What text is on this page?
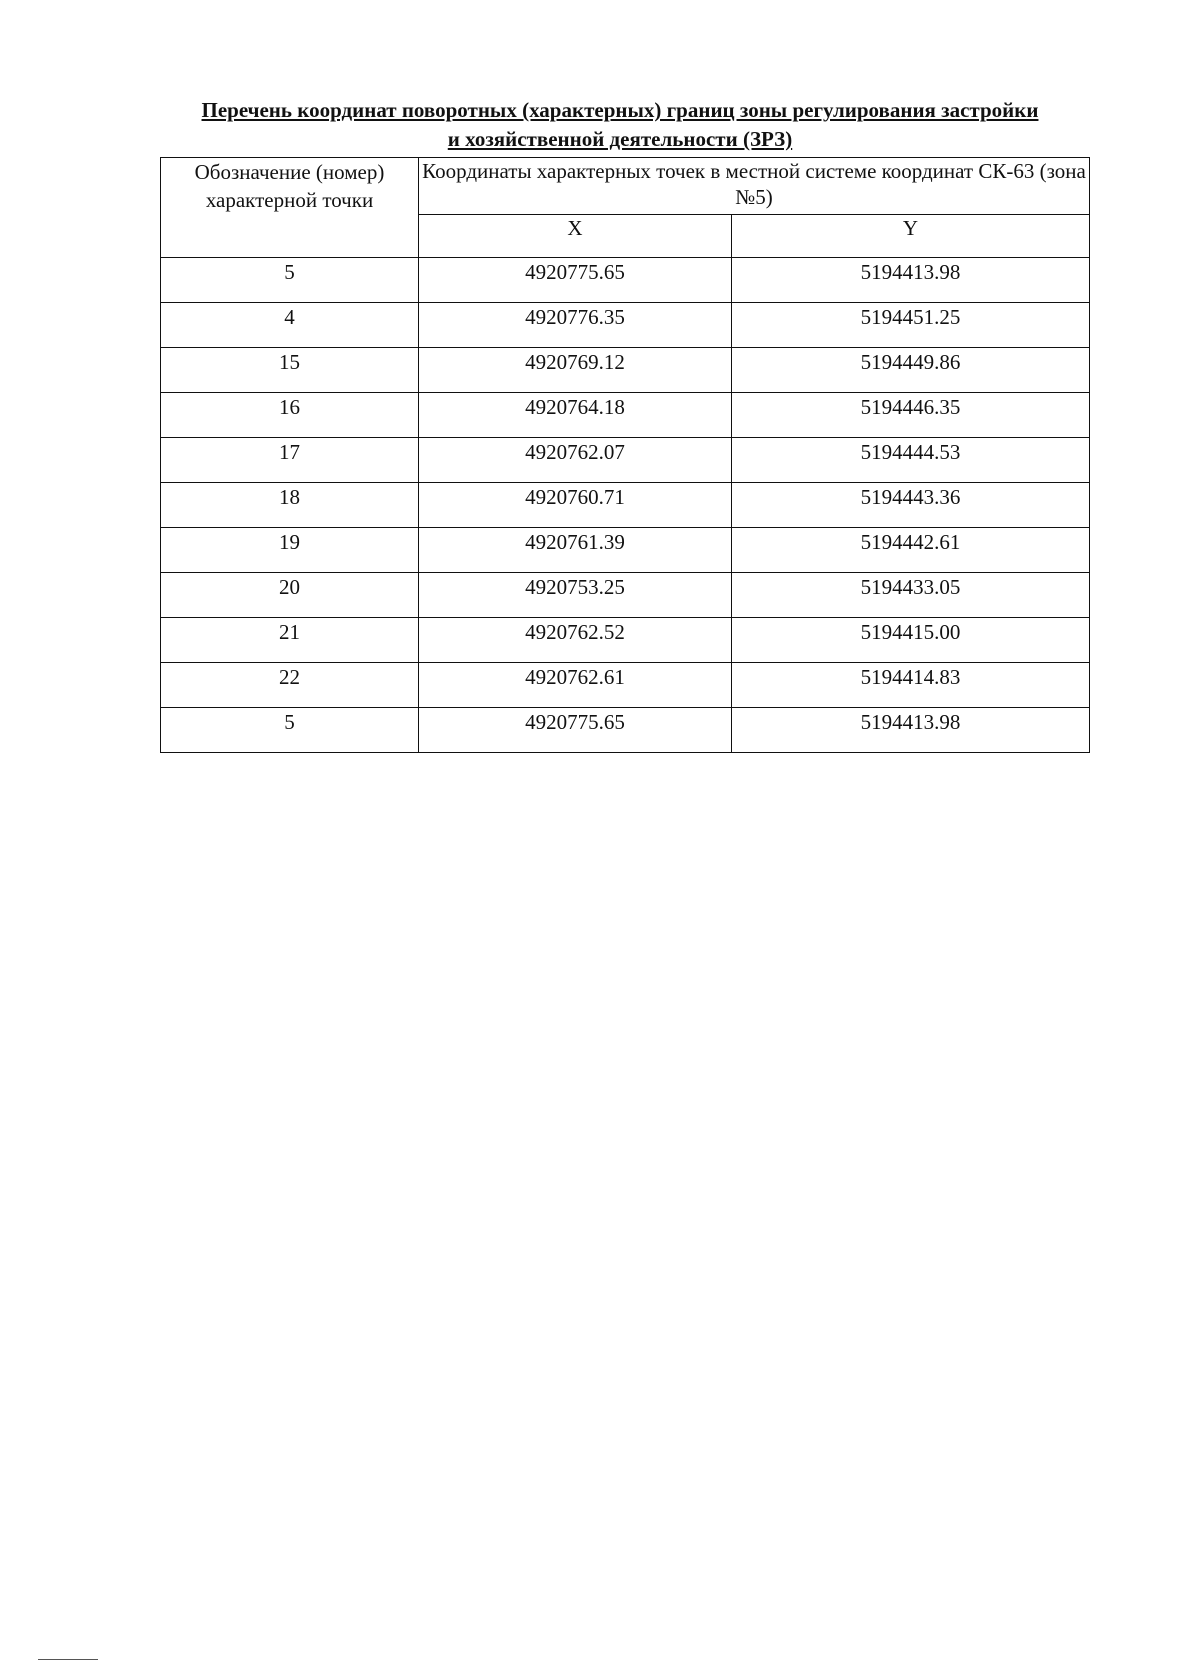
Перечень координат поворотных (характерных) границ зоны регулирования застройки
и хозяйственной деятельности (ЗРЗ)
Обозначение (номер) характерной точки	Координаты характерных точек в местной системе координат СК-63 (зона №5)	
	X	Y
5	4920775.65	5194413.98
4	4920776.35	5194451.25
15	4920769.12	5194449.86
16	4920764.18	5194446.35
17	4920762.07	5194444.53
18	4920760.71	5194443.36
19	4920761.39	5194442.61
20	4920753.25	5194433.05
21	4920762.52	5194415.00
22	4920762.61	5194414.83
5	4920775.65	5194413.98
